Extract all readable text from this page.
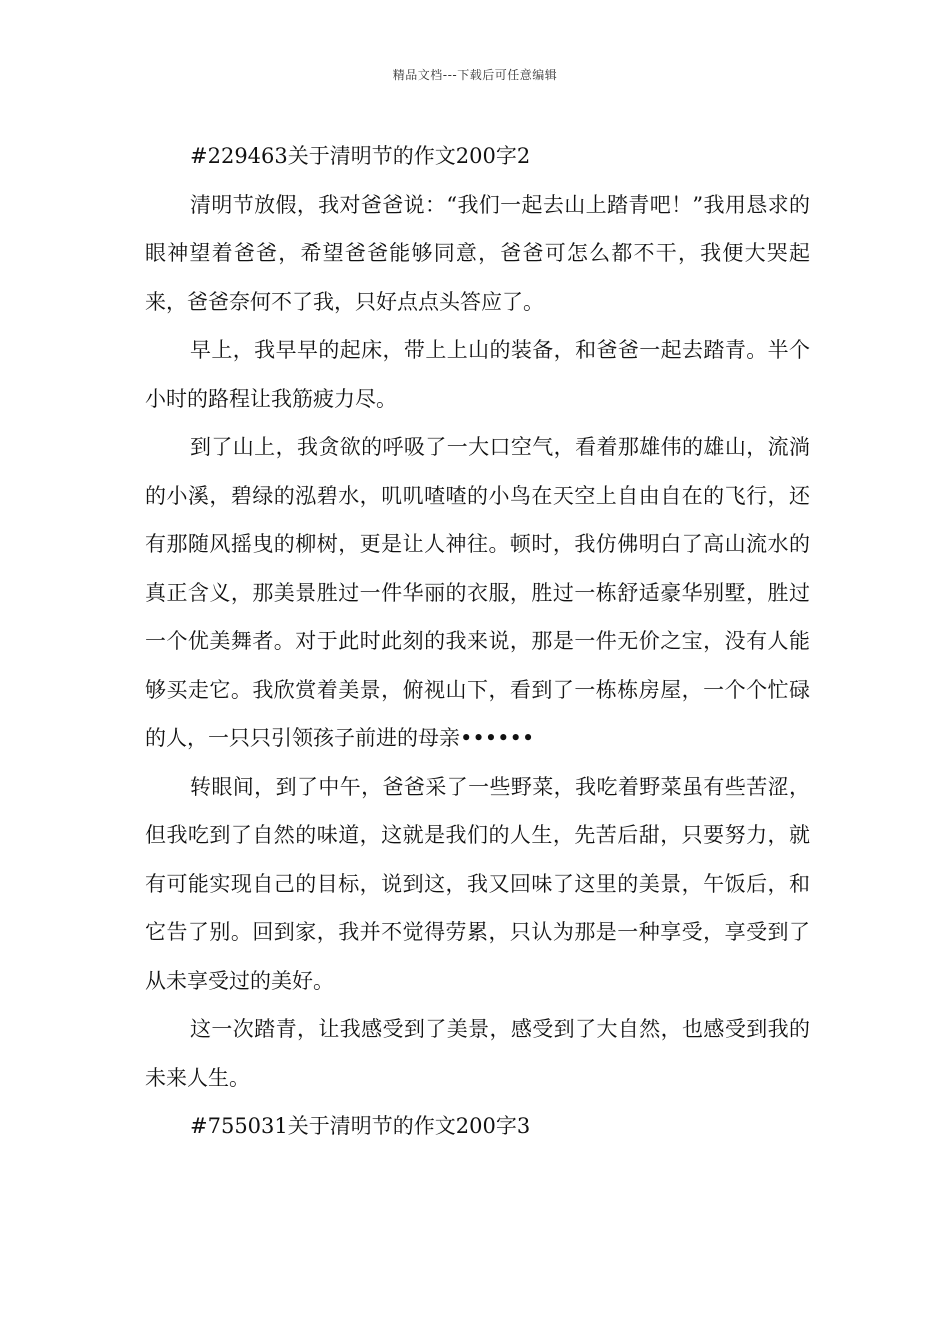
精品文档---下载后可任意编辑
#229463关于清明节的作文200字2

清明节放假，我对爸爸说：“我们一起去山上踏青吧！”我用恳求的眼神望着爸爸，希望爸爸能够同意，爸爸可怎么都不干，我便大哭起来，爸爸奈何不了我，只好点点头答应了。

早上，我早早的起床，带上上山的装备，和爸爸一起去踏青。半个小时的路程让我筋疲力尽。

到了山上，我贪欲的呼吸了一大口空气，看着那雄伟的雄山，流淌的小溪，碧绿的泓碧水，叽叽喳喳的小鸟在天空上自由自在的飞行，还有那随风摇曳的柳树，更是让人神往。顿时，我仿佛明白了高山流水的真正含义，那美景胜过一件华丽的衣服，胜过一栋舒适豪华别墅，胜过一个优美舞者。对于此时此刻的我来说，那是一件无价之宝，没有人能够买走它。我欣赏着美景，俯视山下，看到了一栋栋房屋，一个个忙碌的人，一只只引领孩子前进的母亲••••••

转眼间，到了中午，爸爸采了一些野菜，我吃着野菜虽有些苦涩，但我吃到了自然的味道，这就是我们的人生，先苦后甜，只要努力，就有可能实现自己的目标，说到这，我又回味了这里的美景，午饭后，和它告了别。回到家，我并不觉得劳累，只认为那是一种享受，享受到了从未享受过的美好。

这一次踏青，让我感受到了美景，感受到了大自然，也感受到我的未来人生。

#755031关于清明节的作文200字3
